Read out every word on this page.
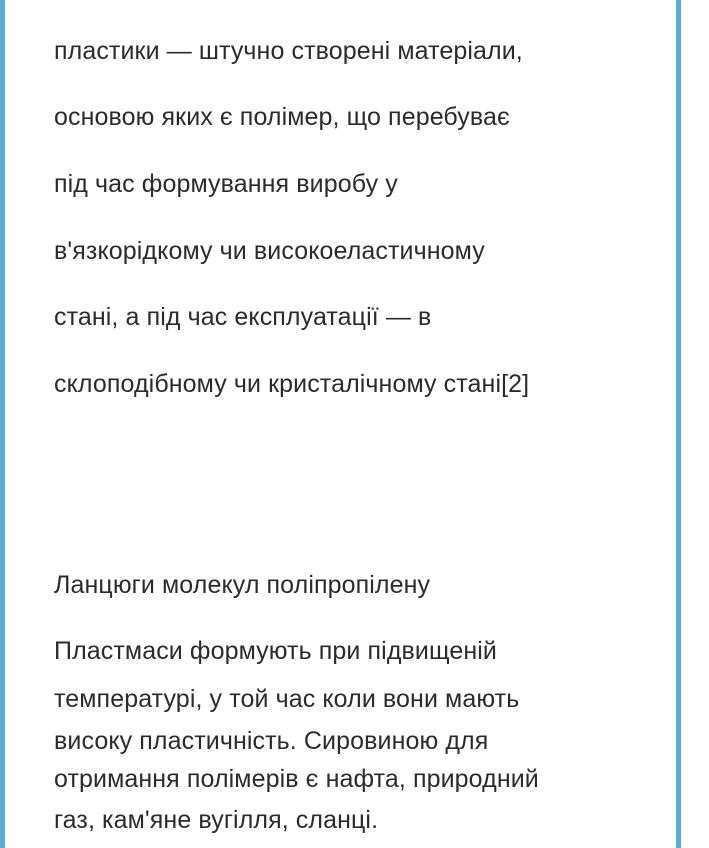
пластики — штучно створені матеріали,
основою яких є полімер, що перебуває
під час формування виробу у
в'язкорідкому чи високоеластичному
стані, а під час експлуатації — в
склоподібному чи кристалічному стані[2]
Ланцюги молекул поліпропілену
Пластмаси формують при підвищеній
температурі, у той час коли вони мають
високу пластичність. Сировиною для
отримання полімерів є нафта, природний
газ, кам'яне вугілля, сланці.
